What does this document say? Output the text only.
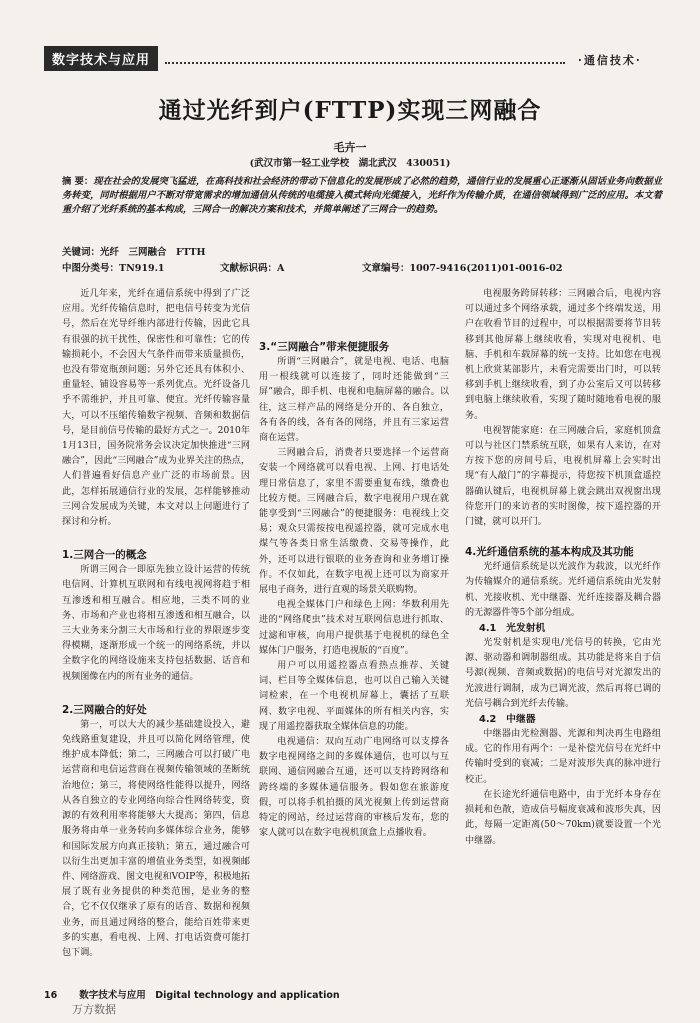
数字技术与应用	·通信技术·
通过光纤到户(FTTP)实现三网融合
毛卉一
(武汉市第一轻工业学校　湖北武汉　430051)
摘 要：现在社会的发展突飞猛进，在高科技和社会经济的带动下信息化的发展形成了必然的趋势，通信行业的发展重心正逐渐从固话业务向数据业务转变，同时根据用户不断对带宽需求的增加通信从传统的电缆接入模式转向光缆接入，光纤作为传输介质，在通信领域得到广泛的应用。本文着重介绍了光纤系统的基本构成，三网合一的解决方案和技术，并简单阐述了三网合一的趋势。
关键词：光纤　三网融合　FTTH
中图分类号：TN919.1	文献标识码：A	文章编号：1007-9416(2011)01-0016-02

近几年来，光纤在通信系统中得到了广泛应用。光纤传输信息时，把电信号转变为光信号，然后在光导纤维内部进行传输，因此它具有很强的抗干扰性，保密性和可靠性；它的传输损耗小，不会因大气条件而带来质量损伤，也没有带宽瓶颈问题；另外它还具有体积小、重量轻、铺设容易等一系列优点。光纤设备几乎不需维护，并且可靠、便宜。光纤传输容量大，可以不压缩传输数字视频、音频和数据信号，是目前信号传输的最好方式之一。2010年1月13日，国务院常务会议决定加快推进“三网融合”，因此“三网融合”成为业界关注的热点，人们普遍看好信息产业广泛的市场前景。因此，怎样拓展通信行业的发展，怎样能够推动三网合发展成为关键，本文对以上问题进行了探讨和分析。

1.三网合一的概念

所谓三网合一即原先独立设计运营的传统电信网、计算机互联网和有线电视网将趋于相互渗透和相互融合。相应地，三类不同的业务、市场和产业也将相互渗透和相互融合，以三大业务来分割三大市场和行业的界限逐步变得模糊，逐渐形成一个统一的网络系统，并以全数字化的网络设施来支持包括数据、话音和视频图像在内的所有业务的通信。

2.三网融合的好处

第一，可以大大的减少基础建设投入，避免线路重复建设，并且可以简化网络管理，使维护成本降低；第二，三网融合可以打破广电运营商和电信运营商在视频传输领域的垄断统治地位；第三，将使网络性能得以提升，网络从各自独立的专业网络向综合性网络转变，资源的有效利用率将能够大大提高；第四，信息服务将由单一业务转向多媒体综合业务，能够和国际发展方向真正接轨；第五，通过融合可以衍生出更加丰富的增值业务类型，如视频邮件、网络游戏、图文电视和VOIP等，积极地拓展了既有业务提供的种类范围，是业务的整合，它不仅仅继承了原有的话音、数据和视频业务，而且通过网络的整合，能给百姓带来更多的实惠，看电视、上网、打电话资费可能打包下调。

3.“三网融合”带来便捷服务

所谓“三网融合”，就是电视、电话、电脑用一根线就可以连接了，同时还能做到“三屏”融合，即手机、电视和电脑屏幕的融合。以往，这三样产品的网络是分开的、各自独立，各有各的线，各有各的网络，并且有三家运营商在运营。

三网融合后，消费者只要选择一个运营商安装一个网络就可以看电视、上网、打电话处理日常信息了，家里不需要重复布线，缴费也比较方便。三网融合后，数字电视用户现在就能享受到“三网融合”的便捷服务：电视线上交易；观众只需按按电视遥控器，就可完成水电煤气等各类日常生活缴费、交易等操作，此外，还可以进行银联的业务查询和业务增订操作。不仅如此，在数字电视上还可以为商家开展电子商务，进行直观的场景关联购物。

电视全媒体门户和绿色上网：华数利用先进的“网络爬虫”技术对互联网信息进行抓取、过滤和审核，向用户提供基于电视机的绿色全媒体门户服务，打造电视版的“百度”。

用户可以用遥控器点看热点推荐、关键词、栏目等全媒体信息，也可以自己输入关键词检索，在一个电视机屏幕上，囊括了互联网、数字电视、平面媒体的所有相关内容，实现了用遥控器获取全媒体信息的功能。

电视通信：双向互动广电网络可以支撑各数字电视网络之间的多媒体通信，也可以与互联网、通信网融合互通，还可以支持跨网络和跨终端的多媒体通信服务。假如您在旅游度假，可以将手机拍摄的风光视频上传到运营商特定的网站，经过运营商的审核后发布，您的家人就可以在数字电视机顶盒上点播收看。

电视服务跨屏转移：三网融合后，电视内容可以通过多个网络承载，通过多个终端发送，用户在收看节目的过程中，可以根据需要将节目转移到其他屏幕上继续收看，实现对电视机、电脑、手机和车载屏幕的统一支持。比如您在电视机上欣赏某部影片，未看完需要出门时，可以转移到手机上继续收看，到了办公室后又可以转移到电脑上继续收看，实现了随时随地看电视的服务。

电视智能家庭：在三网融合后，家庭机顶盒可以与社区门禁系统互联，如果有人来访，在对方按下您的房间号后，电视机屏幕上会实时出现“有人敲门”的字幕提示，待您按下机顶盒遥控器确认键后，电视机屏幕上就会跳出双视窗出现待您开门的来访者的实时图像，按下遥控器的开门键，就可以开门。

4.光纤通信系统的基本构成及其功能

光纤通信系统是以光波作为载波，以光纤作为传输媒介的通信系统。光纤通信系统由光发射机、光接收机、光中继器、光纤连接器及耦合器的无源器件等5个部分组成。

4.1　光发射机

光发射机是实现电/光信号的转换，它由光源、驱动器和调制器组成。其功能是将来自于信号源(视频、音频或数据)的电信号对光源发出的光波进行调制，成为已调光波，然后再将已调的光信号耦合到光纤去传输。

4.2　中继器

中继器由光检测器、光源和判决再生电路组成。它的作用有两个：一是补偿光信号在光纤中传输时受到的衰减；二是对波形失真的脉冲进行校正。

在长途光纤通信电路中，由于光纤本身存在损耗和色散，造成信号幅度衰减和波形失真，因此，每隔一定距离(50～70km)就要设置一个光中继器。

16 数字技术与应用　Digital technology and application
万方数据
